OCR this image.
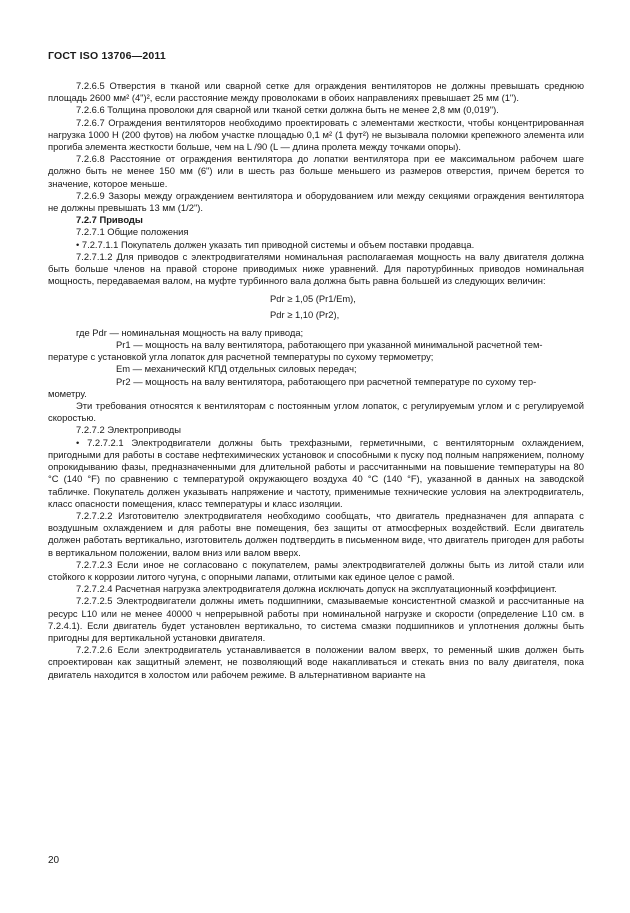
ГОСТ ISO 13706—2011

7.2.6.5 Отверстия в тканой или сварной сетке для ограждения вентиляторов не должны превышать среднюю площадь 2600 мм² (4")², если расстояние между проволоками в обоих направлениях превышает 25 мм (1").

7.2.6.6 Толщина проволоки для сварной или тканой сетки должна быть не менее 2,8 мм (0,019").

7.2.6.7 Ограждения вентиляторов необходимо проектировать с элементами жесткости, чтобы концентрированная нагрузка 1000 Н (200 футов) на любом участке площадью 0,1 м² (1 фут²) не вызывала поломки крепежного элемента или прогиба элемента жесткости больше, чем на L /90 (L — длина пролета между точками опоры).

7.2.6.8 Расстояние от ограждения вентилятора до лопатки вентилятора при ее максимальном рабочем шаге должно быть не менее 150 мм (6") или в шесть раз больше меньшего из размеров отверстия, причем берется то значение, которое меньше.

7.2.6.9 Зазоры между ограждением вентилятора и оборудованием или между секциями ограждения вентилятора не должны превышать 13 мм (1/2").

7.2.7 Приводы

7.2.7.1 Общие положения

• 7.2.7.1.1 Покупатель должен указать тип приводной системы и объем поставки продавца.

7.2.7.1.2 Для приводов с электродвигателями номинальная располагаемая мощность на валу двигателя должна быть больше членов на правой стороне приводимых ниже уравнений. Для паротурбинных приводов номинальная мощность, передаваемая валом, на муфте турбинного вала должна быть равна большей из следующих величин:

Pdr ≥ 1,05 (Pr1/Em),

Pdr ≥ 1,10 (Pr2),

где Pdr — номинальная мощность на валу привода;

Pr1 — мощность на валу вентилятора, работающего при указанной минимальной расчетной тем-

пературе с установкой угла лопаток для расчетной температуры по сухому термометру;

Em — механический КПД отдельных силовых передач;

Pr2 — мощность на валу вентилятора, работающего при расчетной температуре по сухому тер-

мометру.

Эти требования относятся к вентиляторам с постоянным углом лопаток, с регулируемым углом и с регулируемой скоростью.

7.2.7.2 Электроприводы

• 7.2.7.2.1 Электродвигатели должны быть трехфазными, герметичными, с вентиляторным охлаждением, пригодными для работы в составе нефтехимических установок и способными к пуску под полным напряжением, полному опрокидыванию фазы, предназначенными для длительной работы и рассчитанными на повышение температуры на 80 °C (140 °F) по сравнению с температурой окружающего воздуха 40 °C (140 °F), указанной в данных на заводской табличке. Покупатель должен указывать напряжение и частоту, применимые технические условия на электродвигатель, класс опасности помещения, класс температуры и класс изоляции.

7.2.7.2.2 Изготовителю электродвигателя необходимо сообщать, что двигатель предназначен для аппарата с воздушным охлаждением и для работы вне помещения, без защиты от атмосферных воздействий. Если двигатель должен работать вертикально, изготовитель должен подтвердить в письменном виде, что двигатель пригоден для работы в вертикальном положении, валом вниз или валом вверх.

7.2.7.2.3 Если иное не согласовано с покупателем, рамы электродвигателей должны быть из литой стали или стойкого к коррозии литого чугуна, с опорными лапами, отлитыми как единое целое с рамой.

7.2.7.2.4 Расчетная нагрузка электродвигателя должна исключать допуск на эксплуатационный коэффициент.

7.2.7.2.5 Электродвигатели должны иметь подшипники, смазываемые консистентной смазкой и рассчитанные на ресурс L10 или не менее 40000 ч непрерывной работы при номинальной нагрузке и скорости (определение L10 см. в 7.2.4.1). Если двигатель будет установлен вертикально, то система смазки подшипников и уплотнения должны быть пригодны для вертикальной установки двигателя.

7.2.7.2.6 Если электродвигатель устанавливается в положении валом вверх, то ременный шкив должен быть спроектирован как защитный элемент, не позволяющий воде накапливаться и стекать вниз по валу двигателя, пока двигатель находится в холостом или рабочем режиме. В альтернативном варианте на

20
